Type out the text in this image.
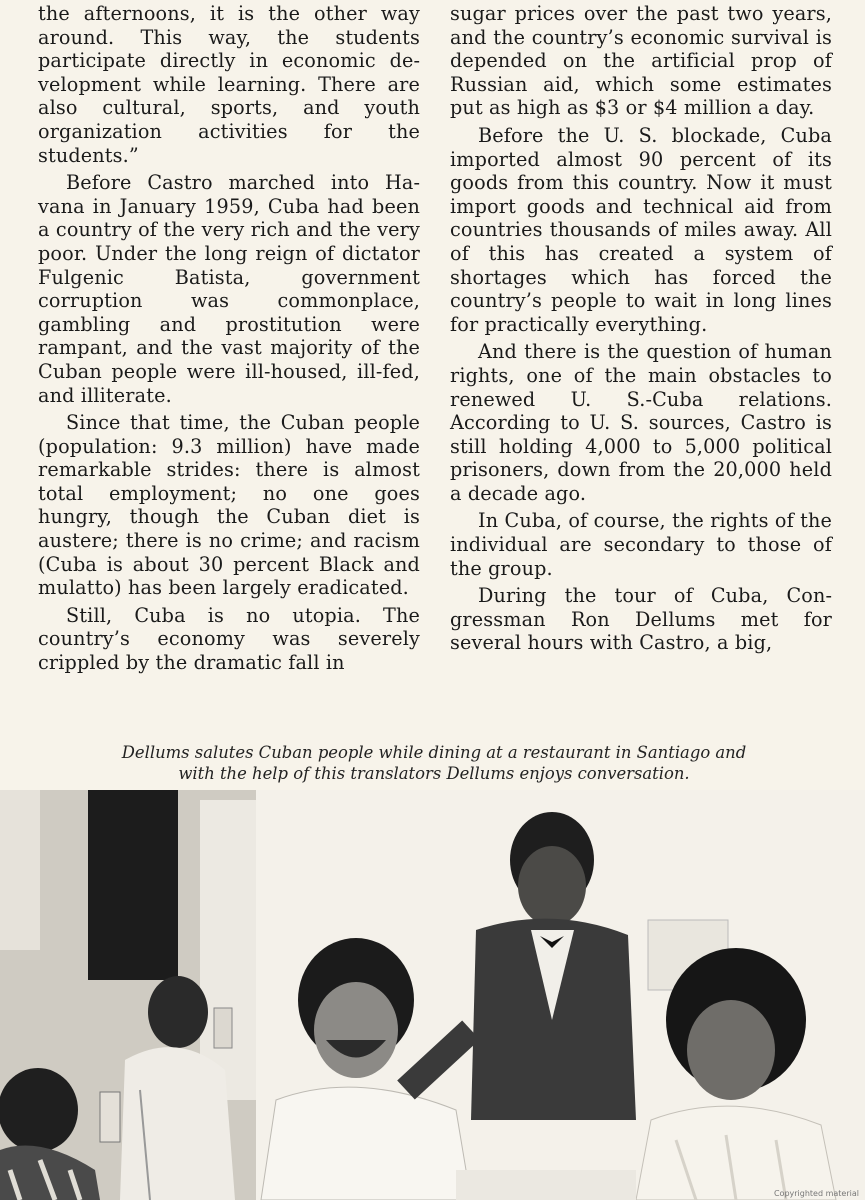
the afternoons, it is the other way around. This way, the students participate directly in economic development while learning. There are also cultural, sports, and youth organization activities for the students.”

Before Castro marched into Havana in January 1959, Cuba had been a country of the very rich and the very poor. Under the long reign of dictator Fulgenic Batista, government corruption was commonplace, gambling and prostitution were rampant, and the vast majority of the Cuban people were ill-housed, ill-fed, and illiterate.

Since that time, the Cuban people (population: 9.3 million) have made remarkable strides: there is almost total employment; no one goes hungry, though the Cuban diet is austere; there is no crime; and racism (Cuba is about 30 percent Black and mulatto) has been largely eradicated.

Still, Cuba is no utopia. The country’s economy was severely crippled by the dramatic fall in

sugar prices over the past two years, and the country’s economic survival is depended on the artificial prop of Russian aid, which some estimates put as high as $3 or $4 million a day.

Before the U. S. blockade, Cuba imported almost 90 percent of its goods from this country. Now it must import goods and technical aid from countries thousands of miles away. All of this has created a system of shortages which has forced the country’s people to wait in long lines for practically everything.

And there is the question of human rights, one of the main obstacles to renewed U. S.-Cuba relations. According to U. S. sources, Castro is still holding 4,000 to 5,000 political prisoners, down from the 20,000 held a decade ago.

In Cuba, of course, the rights of the individual are secondary to those of the group.

During the tour of Cuba, Congressman Ron Dellums met for several hours with Castro, a big,

Dellums salutes Cuban people while dining at a restaurant in Santiago and
with the help of this translators Dellums enjoys conversation.
Copyrighted material
